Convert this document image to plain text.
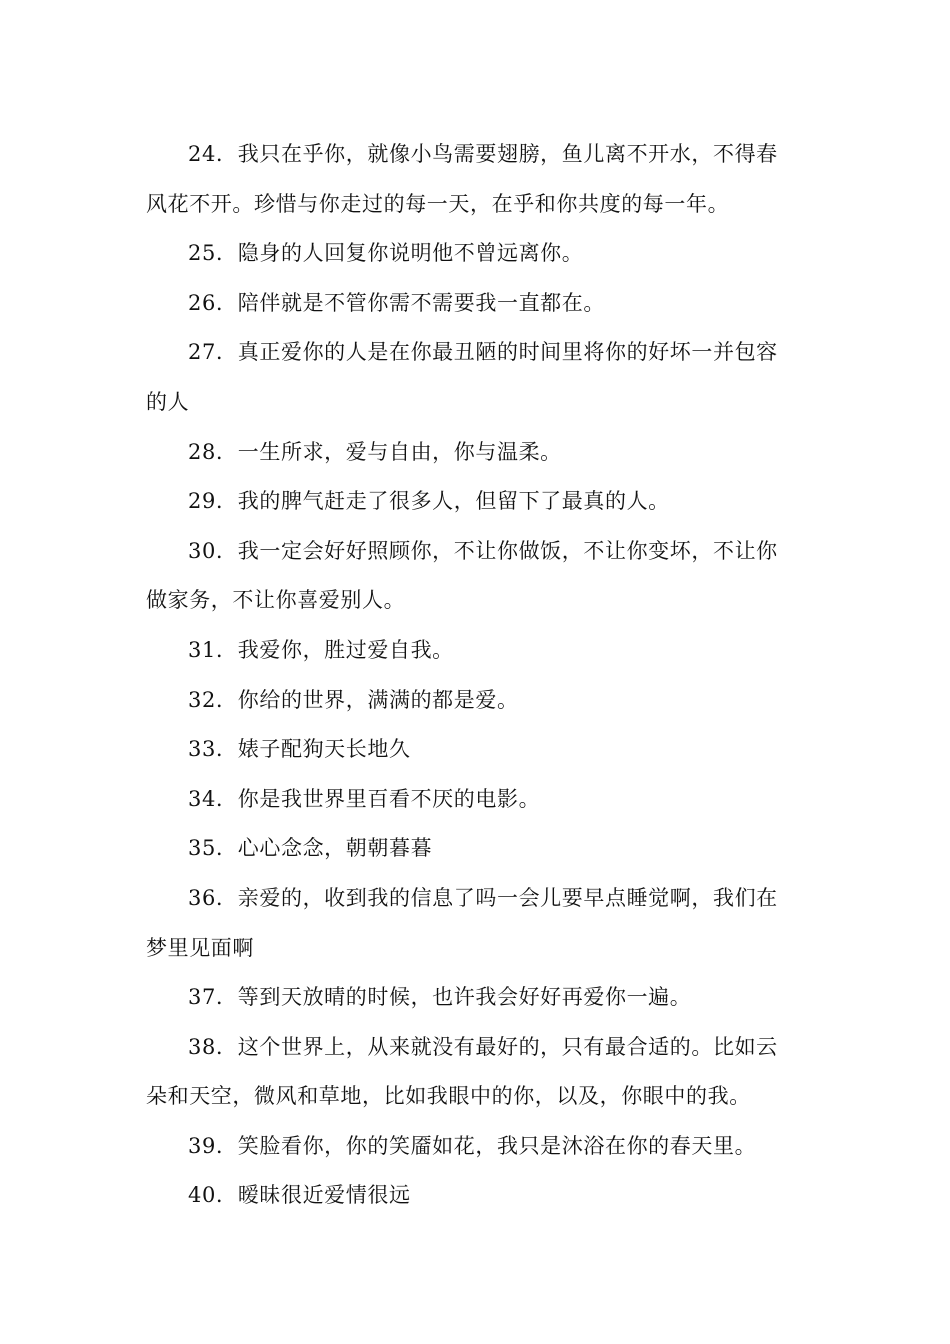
24. 我只在乎你，就像小鸟需要翅膀，鱼儿离不开水，不得春

风花不开。珍惜与你走过的每一天，在乎和你共度的每一年。

25. 隐身的人回复你说明他不曾远离你。

26. 陪伴就是不管你需不需要我一直都在。

27. 真正爱你的人是在你最丑陋的时间里将你的好坏一并包容

的人

28. 一生所求，爱与自由，你与温柔。

29. 我的脾气赶走了很多人，但留下了最真的人。

30. 我一定会好好照顾你，不让你做饭，不让你变坏，不让你

做家务，不让你喜爱别人。

31. 我爱你，胜过爱自我。

32. 你给的世界，满满的都是爱。

33. 婊子配狗天长地久

34. 你是我世界里百看不厌的电影。

35. 心心念念，朝朝暮暮

36. 亲爱的，收到我的信息了吗一会儿要早点睡觉啊，我们在

梦里见面啊

37. 等到天放晴的时候，也许我会好好再爱你一遍。

38. 这个世界上，从来就没有最好的，只有最合适的。比如云

朵和天空，微风和草地，比如我眼中的你，以及，你眼中的我。

39. 笑脸看你，你的笑靥如花，我只是沐浴在你的春天里。

40. 暧昧很近爱情很远
